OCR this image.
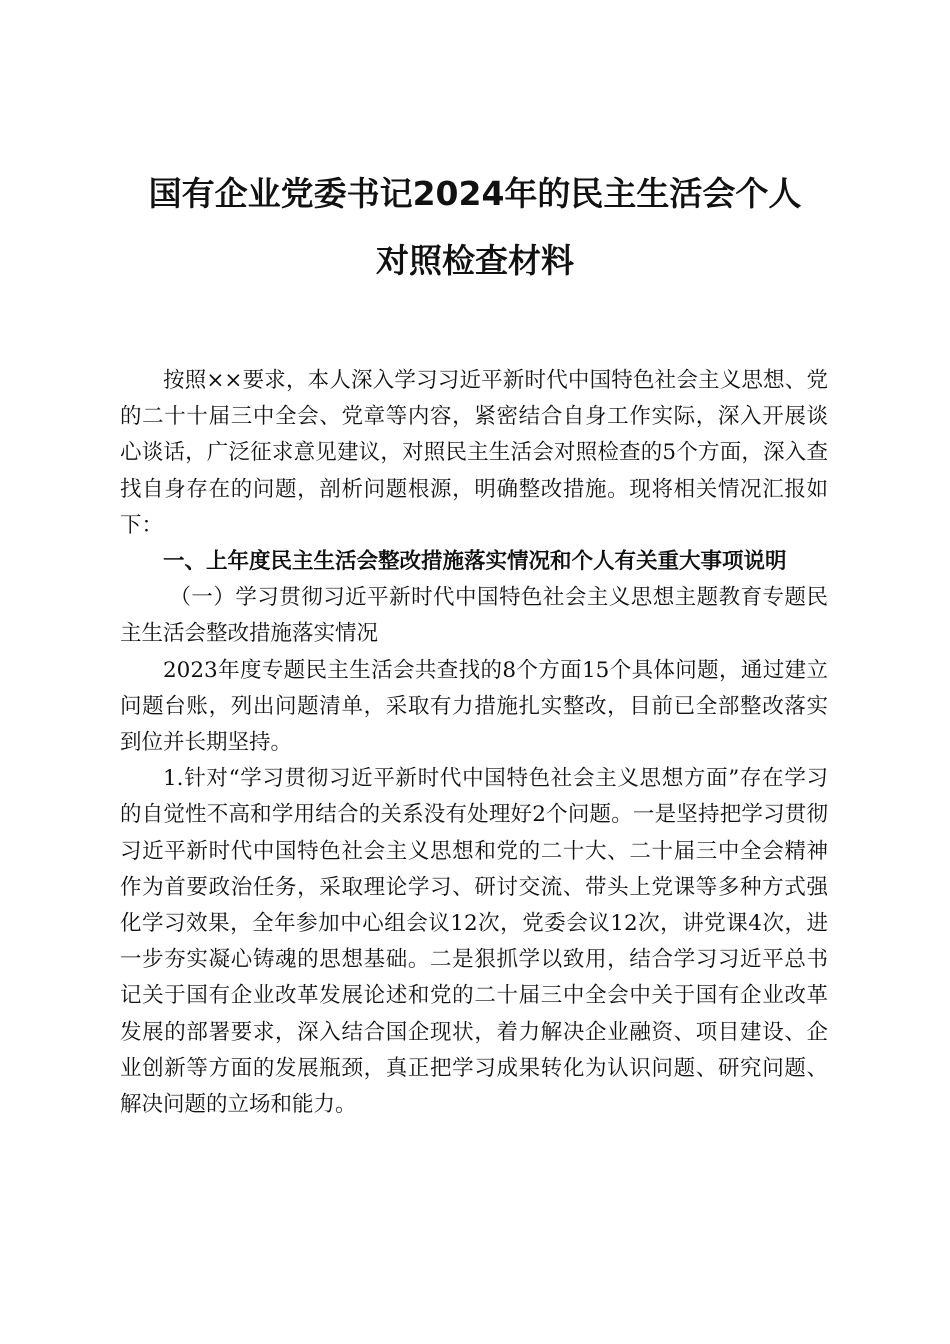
国有企业党委书记2024年的民主生活会个人
对照检查材料

按照××要求，本人深入学习习近平新时代中国特色社会主义思想、党的二十十届三中全会、党章等内容，紧密结合自身工作实际，深入开展谈心谈话，广泛征求意见建议，对照民主生活会对照检查的5个方面，深入查找自身存在的问题，剖析问题根源，明确整改措施。现将相关情况汇报如下：

一、上年度民主生活会整改措施落实情况和个人有关重大事项说明

（一）学习贯彻习近平新时代中国特色社会主义思想主题教育专题民主生活会整改措施落实情况

2023年度专题民主生活会共查找的8个方面15个具体问题，通过建立问题台账，列出问题清单，采取有力措施扎实整改，目前已全部整改落实到位并长期坚持。

1.针对“学习贯彻习近平新时代中国特色社会主义思想方面”存在学习的自觉性不高和学用结合的关系没有处理好2个问题。一是坚持把学习贯彻习近平新时代中国特色社会主义思想和党的二十大、二十届三中全会精神作为首要政治任务，采取理论学习、研讨交流、带头上党课等多种方式强化学习效果，全年参加中心组会议12次，党委会议12次，讲党课4次，进一步夯实凝心铸魂的思想基础。二是狠抓学以致用，结合学习习近平总书记关于国有企业改革发展论述和党的二十届三中全会中关于国有企业改革发展的部署要求，深入结合国企现状，着力解决企业融资、项目建设、企业创新等方面的发展瓶颈，真正把学习成果转化为认识问题、研究问题、解决问题的立场和能力。
